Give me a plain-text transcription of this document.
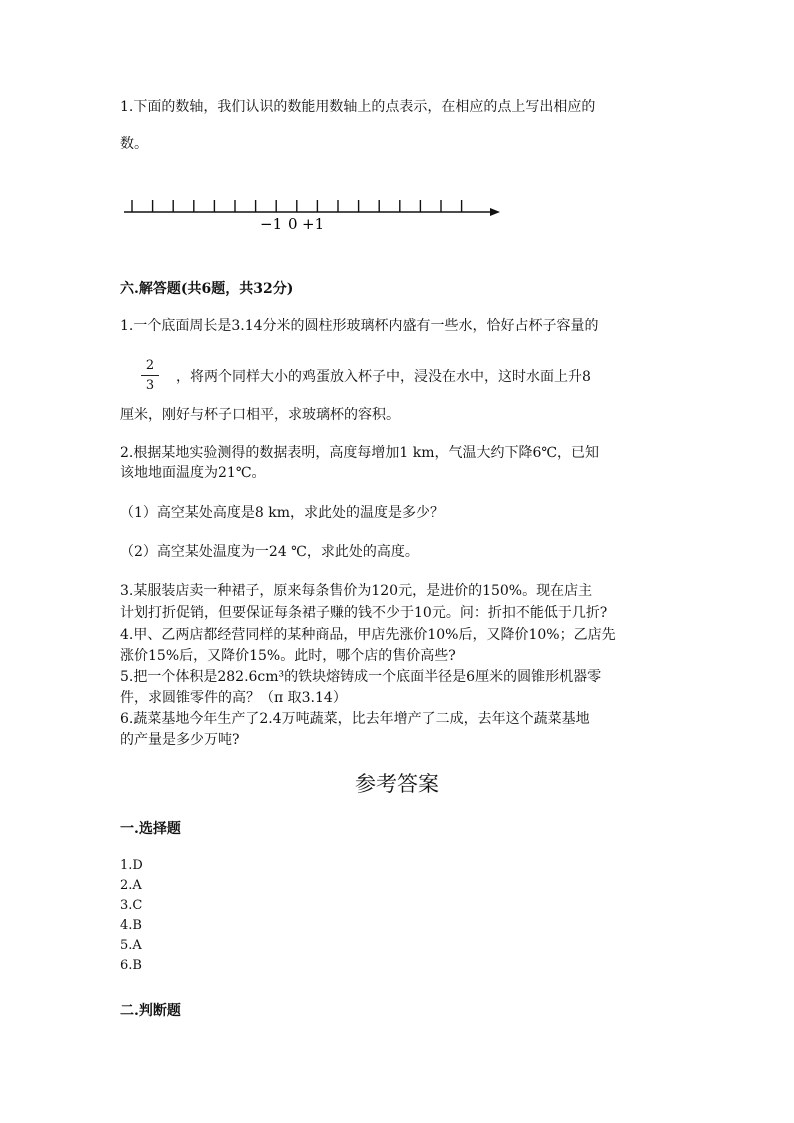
1.下面的数轴，我们认识的数能用数轴上的点表示，在相应的点上写出相应的
数。
−1 0 +1
六.解答题(共6题，共32分)
1.一个底面周长是3.14分米的圆柱形玻璃杯内盛有一些水，恰好占杯子容量的
2
3
，将两个同样大小的鸡蛋放入杯子中，浸没在水中，这时水面上升8
厘米，刚好与杯子口相平，求玻璃杯的容积。
2.根据某地实验测得的数据表明，高度每增加1 km，气温大约下降6℃，已知
该地地面温度为21℃。
（1）高空某处高度是8 km，求此处的温度是多少？
（2）高空某处温度为一24 ℃，求此处的高度。
3.某服装店卖一种裙子，原来每条售价为120元，是进价的150%。现在店主
计划打折促销，但要保证每条裙子赚的钱不少于10元。问：折扣不能低于几折?
4.甲、乙两店都经营同样的某种商品，甲店先涨价10%后，又降价10%；乙店先
涨价15%后，又降价15%。此时，哪个店的售价高些?
5.把一个体积是282.6cm³的铁块熔铸成一个底面半径是6厘米的圆锥形机器零
件，求圆锥零件的高？（π 取3.14）
6.蔬菜基地今年生产了2.4万吨蔬菜，比去年增产了二成，去年这个蔬菜基地
的产量是多少万吨?
参考答案
一.选择题
1.D
2.A
3.C
4.B
5.A
6.B
二.判断题
